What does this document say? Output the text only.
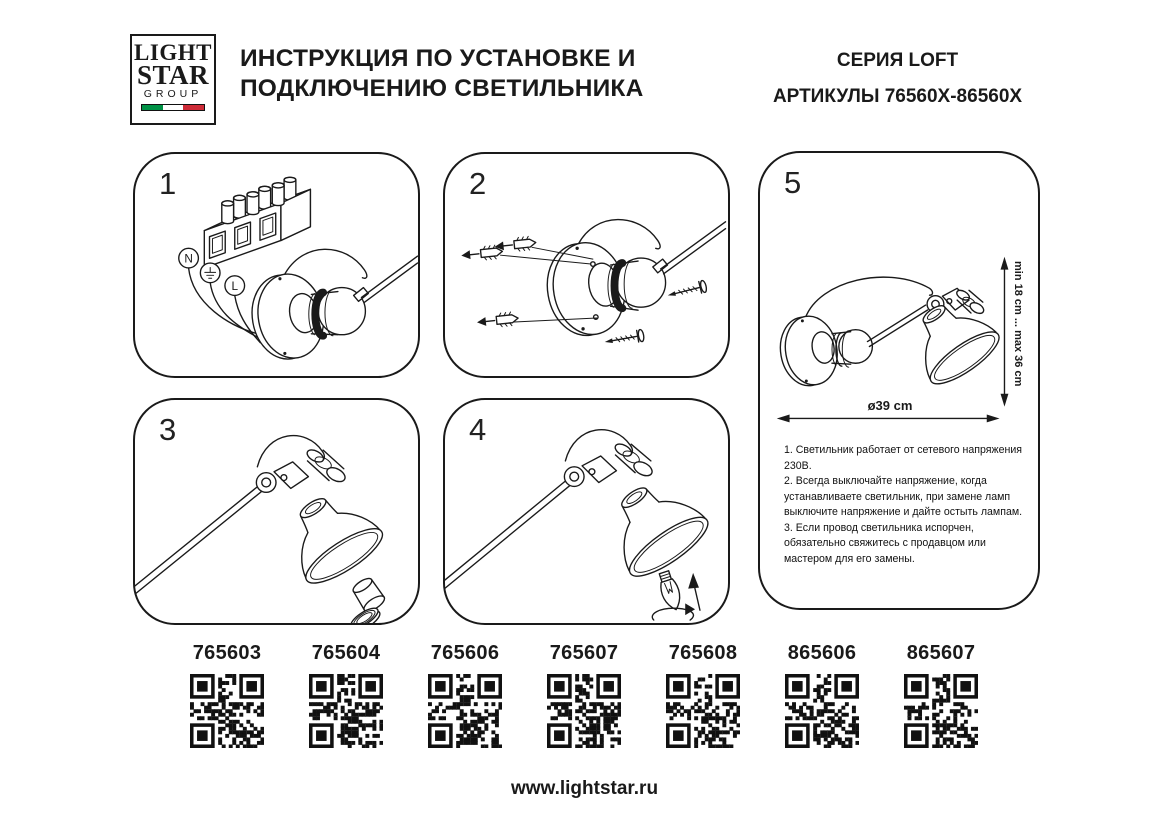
LIGHT
STAR
GROUP
ИНСТРУКЦИЯ ПО УСТАНОВКЕ И
ПОДКЛЮЧЕНИЮ СВЕТИЛЬНИКА
СЕРИЯ LOFT
АРТИКУЛЫ 76560X-86560X
N
L
1	2
3	4
5
min 18 cm ... max 36 cm
ø39 cm
1. Светильник работает от сетевого напряжения 230В.
2. Всегда выключайте напряжение, когда устанавливаете светильник, при замене ламп выключите напряжение и дайте остыть лампам.
3. Если провод светильника испорчен, обязательно свяжитесь с продавцом или мастером для его замены.
765603	765604	765606	765607	765608	865606	865607
www.lightstar.ru
